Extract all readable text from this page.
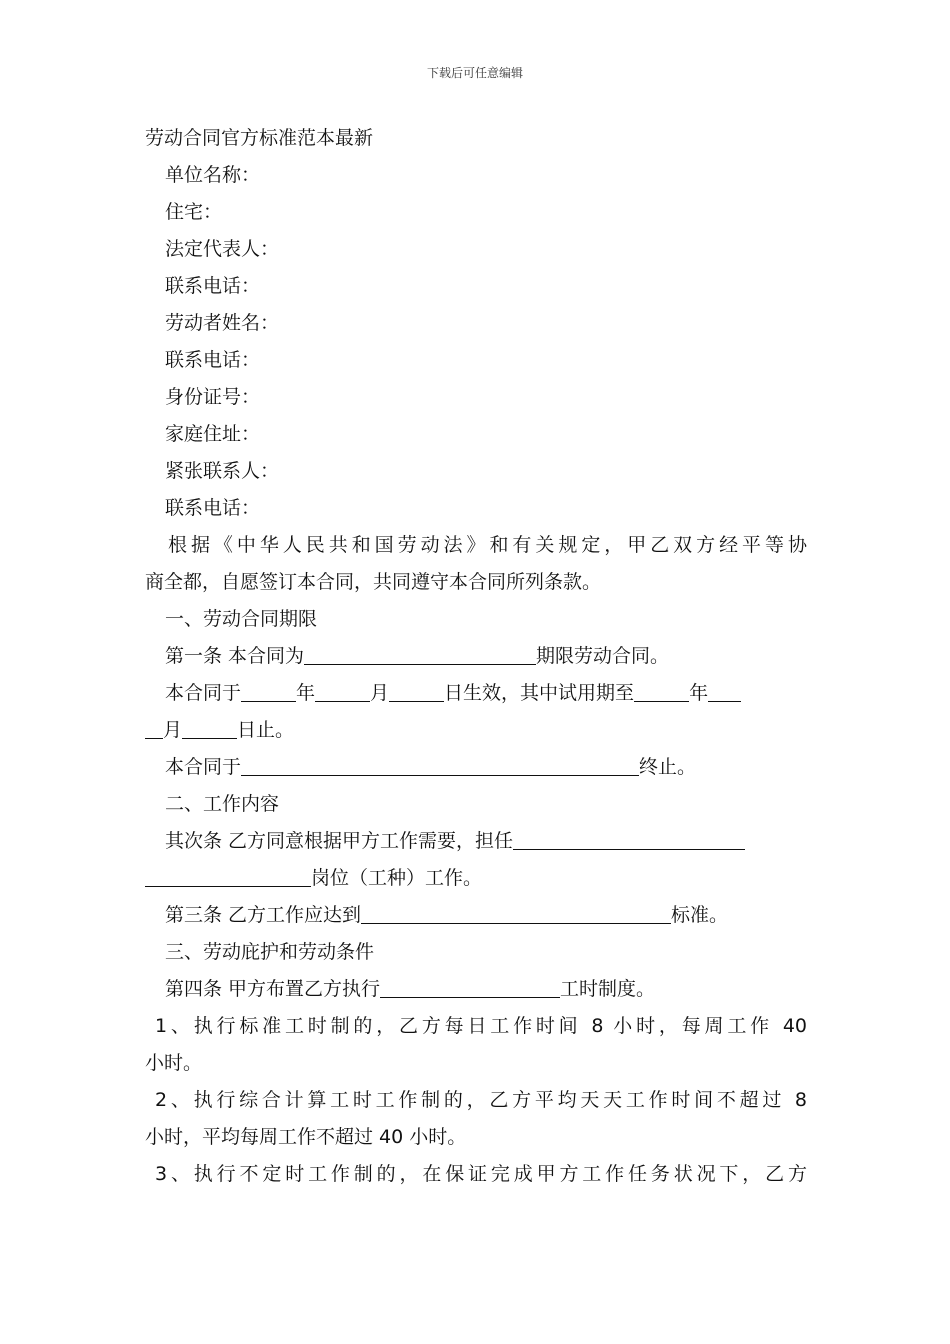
下载后可任意编辑
劳动合同官方标准范本最新
单位名称：
住宅：
法定代表人：
联系电话：
劳动者姓名：
联系电话：
身份证号：
家庭住址：
紧张联系人：
联系电话：
根据《中华人民共和国劳动法》和有关规定，甲乙双方经平等协
商全都，自愿签订本合同，共同遵守本合同所列条款。
一、劳动合同期限
第一条 本合同为	期限劳动合同。
本合同于	年	月	日生效，其中试用期至	年
月	日止。
本合同于	终止。
二、工作内容
其次条 乙方同意根据甲方工作需要，担任
岗位（工种）工作。
第三条 乙方工作应达到	标准。
三、劳动庇护和劳动条件
第四条 甲方布置乙方执行	工时制度。
1、执行标准工时制的，乙方每日工作时间 8 小时，每周工作 40
小时。
2、执行综合计算工时工作制的，乙方平均天天工作时间不超过 8
小时，平均每周工作不超过 40 小时。
3、执行不定时工作制的，在保证完成甲方工作任务状况下，乙方
